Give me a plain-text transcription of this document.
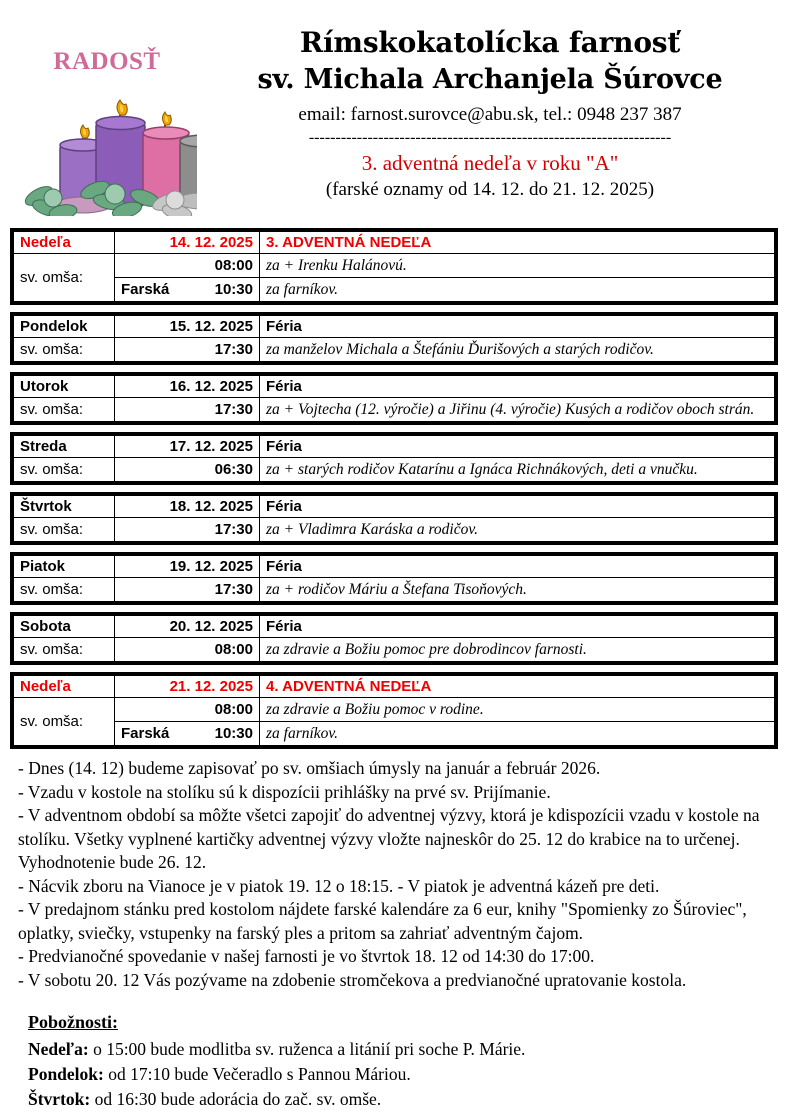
RADOSŤ
Rímskokatolícka farnosť
sv. Michala Archanjela Šúrovce
email: farnost.surovce@abu.sk, tel.: 0948 237 387
--------------------------------------------------------------------
3. adventná nedeľa v roku "A"
(farské oznamy od 14. 12. do 21. 12. 2025)
Nedeľa	14. 12. 2025	3. ADVENTNÁ NEDEĽA
sv. omša:	08:00	za + Irenku Halánovú.

	Farská 10:30	za farníkov.
Pondelok	15. 12. 2025	Féria
sv. omša:	17:30	za manželov Michala a Štefániu Ďurišových a starých rodičov.
Utorok	16. 12. 2025	Féria
sv. omša:	17:30	za + Vojtecha (12. výročie) a Jiřinu (4. výročie) Kusých a rodičov oboch strán.
Streda	17. 12. 2025	Féria
sv. omša:	06:30	za + starých rodičov Katarínu a Ignáca Richnákových, deti a vnučku.
Štvrtok	18. 12. 2025	Féria
sv. omša:	17:30	za + Vladimra Karáska a rodičov.
Piatok	19. 12. 2025	Féria
sv. omša:	17:30	za + rodičov Máriu a Štefana Tisoňových.
Sobota	20. 12. 2025	Féria
sv. omša:	08:00	za zdravie a Božiu pomoc pre dobrodincov farnosti.
Nedeľa	21. 12. 2025	4. ADVENTNÁ NEDEĽA
sv. omša:	08:00	za zdravie a Božiu pomoc v rodine.

	Farská 10:30	za farníkov.

- Dnes (14. 12) budeme zapisovať po sv. omšiach úmysly na január a február 2026.

- Vzadu v kostole na stolíku sú k dispozícii prihlášky na prvé sv. Prijímanie.

- V adventnom období sa môžte všetci zapojiť do adventnej výzvy, ktorá je kdispozícii vzadu v kostole na stolíku. Všetky vyplnené kartičky adventnej výzvy vložte najneskôr do 25. 12 do krabice na to určenej. Vyhodnotenie bude 26. 12.

- Nácvik zboru na Vianoce je v piatok 19. 12 o 18:15. - V piatok je adventná kázeň pre deti.

- V predajnom stánku pred kostolom nájdete farské kalendáre za 6 eur, knihy "Spomienky zo Šúroviec", oplatky, sviečky, vstupenky na farský ples a pritom sa zahriať adventným čajom.

- Predvianočné spovedanie v našej farnosti je vo štvrtok 18. 12 od 14:30 do 17:00.

- V sobotu 20. 12 Vás pozývame na zdobenie stromčekova a predvianočné upratovanie kostola.

Pobožnosti:

Nedeľa: o 15:00 bude modlitba sv. ruženca a litánií pri soche P. Márie.

Pondelok: od 17:10 bude Večeradlo s Pannou Máriou.

Štvrtok: od 16:30 bude adorácia do zač. sv. omše.
